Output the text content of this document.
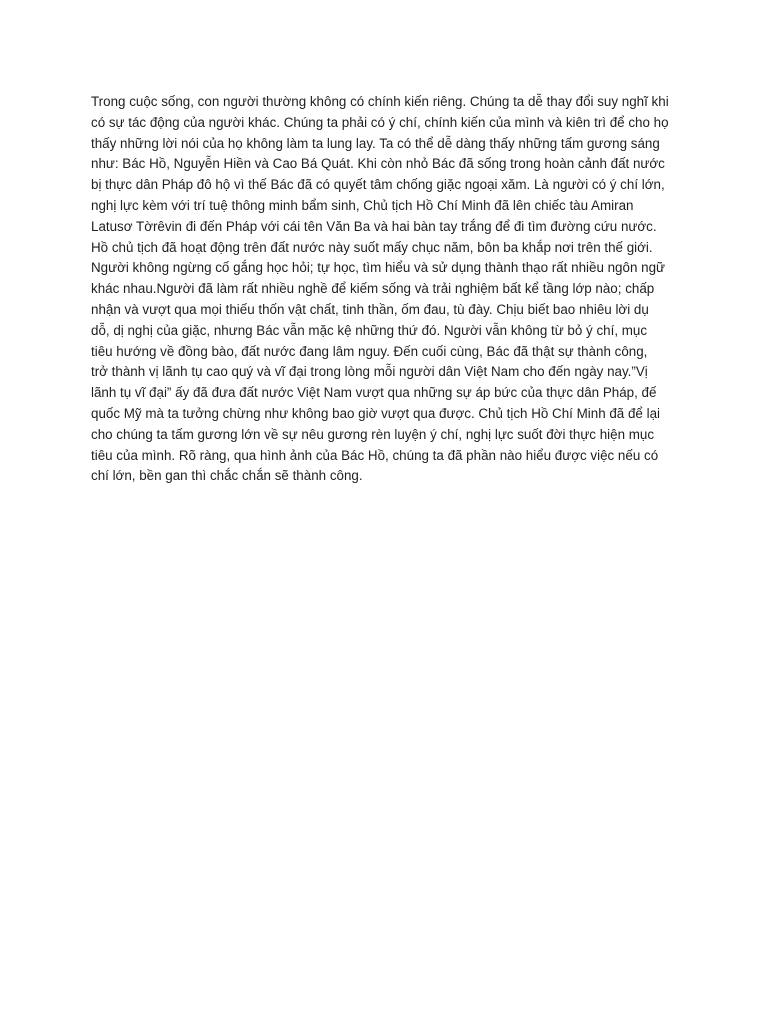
Trong cuộc sống, con người thường không có chính kiến riêng. Chúng ta dễ thay đổi suy nghĩ khi
có sự tác động của người khác. Chúng ta phải có ý chí, chính kiến của mình và kiên trì để cho họ
thấy những lời nói của họ không làm ta lung lay. Ta có thể dễ dàng thấy những tấm gương sáng
như: Bác Hồ, Nguyễn Hiền và Cao Bá Quát. Khi còn nhỏ Bác đã sống trong hoàn cảnh đất nước
bị thực dân Pháp đô hộ vì thế Bác đã có quyết tâm chống giặc ngoại xăm. Là người có ý chí lớn,
nghị lực kèm với trí tuệ thông minh bẩm sinh, Chủ tịch Hồ Chí Minh đã lên chiếc tàu Amiran
Latusơ Tờrêvin đi đến Pháp với cái tên Văn Ba và hai bàn tay trắng để đi tìm đường cứu nước.
Hồ chủ tịch đã hoạt động trên đất nước này suốt mấy chục năm, bôn ba khắp nơi trên thế giới.
Người không ngừng cố gắng học hỏi; tự học, tìm hiểu và sử dụng thành thạo rất nhiều ngôn ngữ
khác nhau.Người đã làm rất nhiều nghề để kiếm sống và trải nghiệm bất kể tầng lớp nào; chấp
nhận và vượt qua mọi thiếu thốn vật chất, tinh thần, ốm đau, tù đày. Chịu biết bao nhiêu lời dụ
dỗ, dị nghị của giặc, nhưng Bác vẫn mặc kệ những thứ đó. Người vẫn không từ bỏ ý chí, mục
tiêu hướng về đồng bào, đất nước đang lâm nguy. Đến cuối cùng, Bác đã thật sự thành công,
trở thành vị lãnh tụ cao quý và vĩ đại trong lòng mỗi người dân Việt Nam cho đến ngày nay.”Vị
lãnh tụ vĩ đại” ấy đã đưa đất nước Việt Nam vượt qua những sự áp bức của thực dân Pháp, đế
quốc Mỹ mà ta tưởng chừng như không bao giờ vượt qua được. Chủ tịch Hồ Chí Minh đã để lại
cho chúng ta tấm gương lớn về sự nêu gương rèn luyện ý chí, nghị lực suốt đời thực hiện mục
tiêu của mình. Rõ ràng, qua hình ảnh của Bác Hồ, chúng ta đã phần nào hiểu được việc nếu có
chí lớn, bền gan thì chắc chắn sẽ thành công.
